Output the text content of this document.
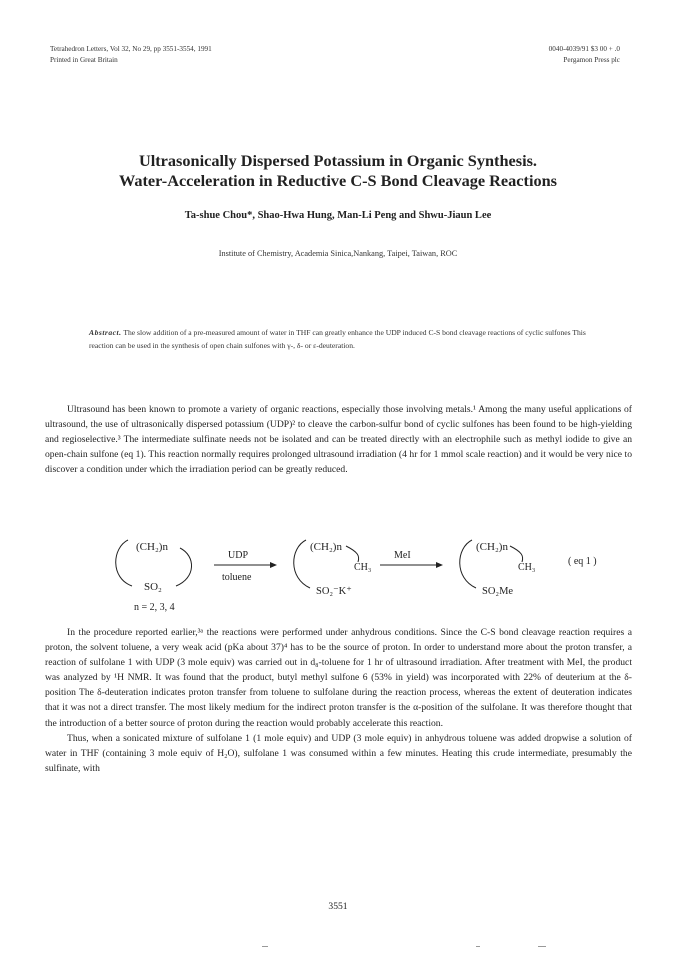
Tetrahedron Letters, Vol 32, No 29, pp 3551-3554, 1991
Printed in Great Britain
0040-4039/91 $3 00 + .0
Pergamon Press plc
Ultrasonically Dispersed Potassium in Organic Synthesis.
Water-Acceleration in Reductive C-S Bond Cleavage Reactions
Ta-shue Chou*, Shao-Hwa Hung, Man-Li Peng and Shwu-Jiaun Lee
Institute of Chemistry, Academia Sinica,Nankang, Taipei, Taiwan, ROC
Abstract. The slow addition of a pre-measured amount of water in THF can greatly enhance the UDP induced C-S bond cleavage reactions of cyclic sulfones This reaction can be used in the synthesis of open chain sulfones with γ-, δ- or ε-deuteration.

Ultrasound has been known to promote a variety of organic reactions, especially those involving metals.¹ Among the many useful applications of ultrasound, the use of ultrasonically dispersed potassium (UDP)² to cleave the carbon-sulfur bond of cyclic sulfones has been found to be high-yielding and regioselective.³ The intermediate sulfinate needs not be isolated and can be treated directly with an electrophile such as methyl iodide to give an open-chain sulfone (eq 1). This reaction normally requires prolonged ultrasound irradiation (4 hr for 1 mmol scale reaction) and it would be very nice to discover a condition under which the irradiation period can be greatly reduced.

(CH₂)n
SO₂
n = 2, 3, 4
UDP
toluene
(CH₂)n
CH₃
SO₂⁻K⁺
MeI
(CH₂)n
CH₃
SO₂Me
( eq 1 )

In the procedure reported earlier,³ᵃ the reactions were performed under anhydrous conditions. Since the C-S bond cleavage reaction requires a proton, the solvent toluene, a very weak acid (pKa about 37)⁴ has to be the source of proton. In order to understand more about the proton transfer, a reaction of sulfolane 1 with UDP (3 mole equiv) was carried out in d₈-toluene for 1 hr of ultrasound irradiation. After treatment with MeI, the product was analyzed by ¹H NMR. It was found that the product, butyl methyl sulfone 6 (53% in yield) was incorporated with 22% of deuterium at the δ-position The δ-deuteration indicates proton transfer from toluene to sulfolane during the reaction process, whereas the extent of deuteration indicates that it was not a direct transfer. The most likely medium for the indirect proton transfer is the α-position of the sulfolane. It was therefore thought that the introduction of a better source of proton during the reaction would probably accelerate this reaction.

Thus, when a sonicated mixture of sulfolane 1 (1 mole equiv) and UDP (3 mole equiv) in anhydrous toluene was added dropwise a solution of water in THF (containing 3 mole equiv of H₂O), sulfolane 1 was consumed within a few minutes. Heating this crude intermediate, presumably the sulfinate, with

3551
